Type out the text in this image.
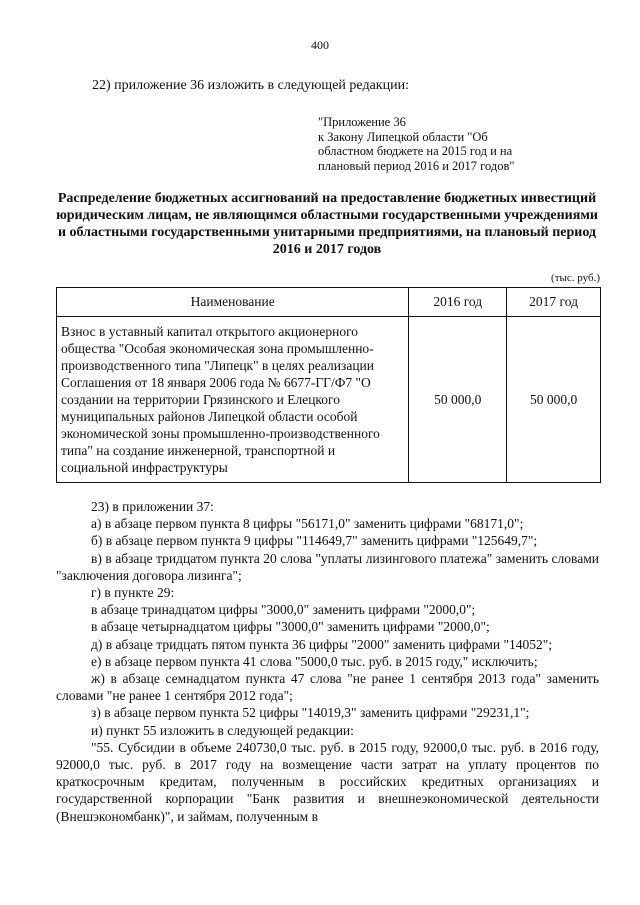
400
22) приложение 36 изложить в следующей редакции:
"Приложение 36
к Закону Липецкой области "Об
областном бюджете на 2015 год и на
плановый период 2016 и 2017 годов"
Распределение бюджетных ассигнований на предоставление бюджетных инвестиций юридическим лицам, не являющимся областными государственными учреждениями и областными государственными унитарными предприятиями, на плановый период 2016 и 2017 годов
(тыс. руб.)
Наименование	2016 год	2017 год
Взнос в уставный капитал открытого акционерного общества "Особая экономическая зона промышленно-производственного типа "Липецк" в целях реализации Соглашения от 18 января 2006 года № 6677-ГГ/Ф7 "О создании на территории Грязинского и Елецкого муниципальных районов Липецкой области особой экономической зоны промышленно-производственного типа" на создание инженерной, транспортной и социальной инфраструктуры	50 000,0	50 000,0

23) в приложении 37:

а) в абзаце первом пункта 8 цифры "56171,0" заменить цифрами "68171,0";

б) в абзаце первом пункта 9 цифры "114649,7" заменить цифрами "125649,7";

в) в абзаце тридцатом пункта 20 слова "уплаты лизингового платежа" заменить словами "заключения договора лизинга";

г) в пункте 29:

в абзаце тринадцатом цифры "3000,0" заменить цифрами "2000,0";

в абзаце четырнадцатом цифры "3000,0" заменить цифрами "2000,0";

д) в абзаце тридцать пятом пункта 36 цифры "2000" заменить цифрами "14052";

е) в абзаце первом пункта 41 слова "5000,0 тыс. руб. в 2015 году," исключить;

ж) в абзаце семнадцатом пункта 47 слова "не ранее 1 сентября 2013 года" заменить словами "не ранее 1 сентября 2012 года";

з) в абзаце первом пункта 52 цифры "14019,3" заменить цифрами "29231,1";

и) пункт 55 изложить в следующей редакции:

"55. Субсидии в объеме 240730,0 тыс. руб. в 2015 году, 92000,0 тыс. руб. в 2016 году, 92000,0 тыс. руб. в 2017 году на возмещение части затрат на уплату процентов по краткосрочным кредитам, полученным в российских кредитных организациях и государственной корпорации "Банк развития и внешнеэкономической деятельности (Внешэкономбанк)", и займам, полученным в
